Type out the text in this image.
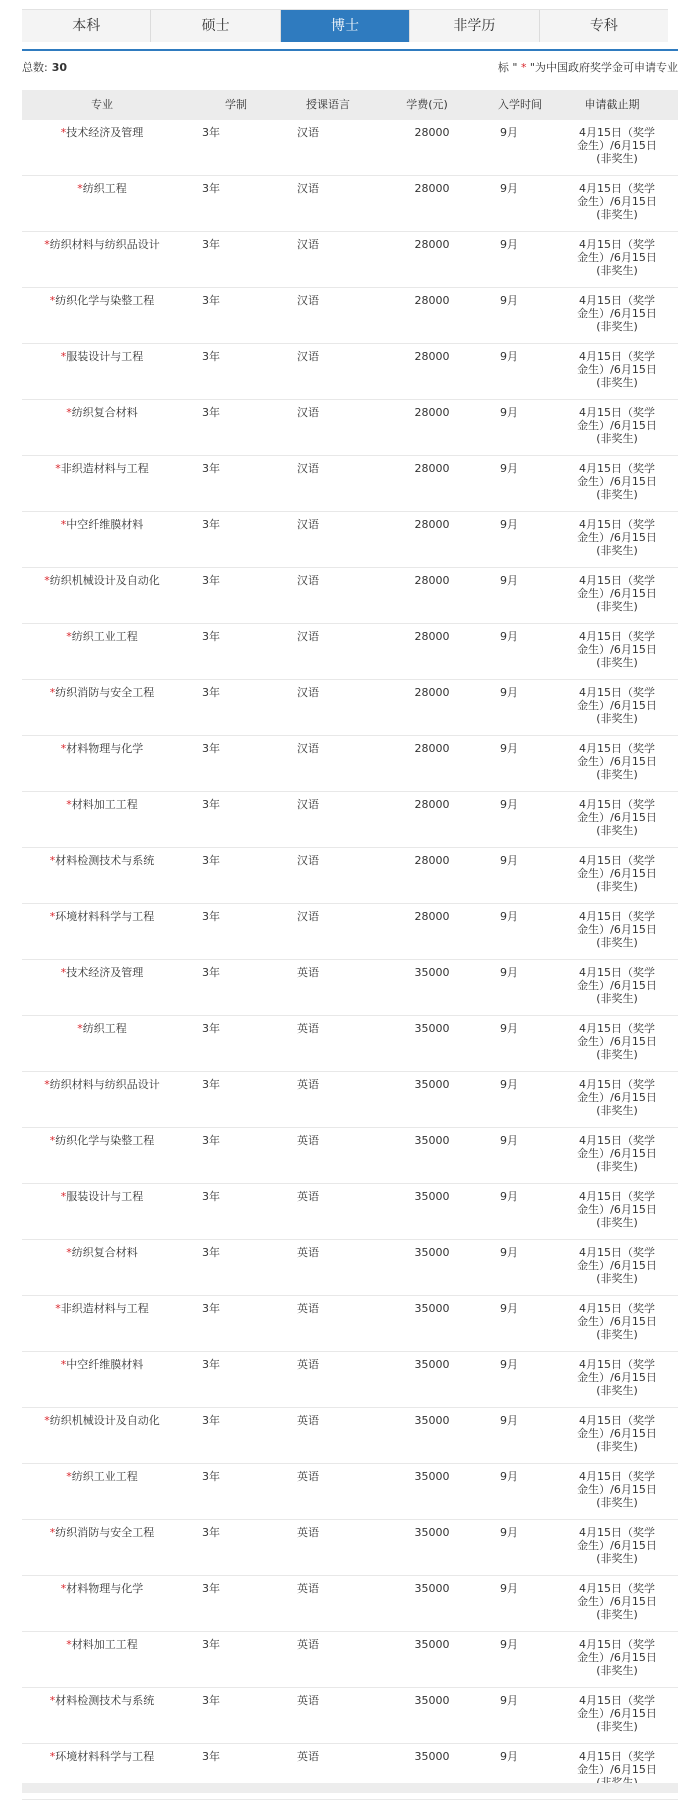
本科	硕士	博士	非学历	专科
总数: 30	标 " * "为中国政府奖学金可申请专业
专业	学制	授课语言	学费(元)	入学时间	申请截止期
*技术经济及管理	3年	汉语	28000	9月	4月15日（奖学金生）/6月15日(非奖生)
*纺织工程	3年	汉语	28000	9月	4月15日（奖学金生）/6月15日(非奖生)
*纺织材料与纺织品设计	3年	汉语	28000	9月	4月15日（奖学金生）/6月15日(非奖生)
*纺织化学与染整工程	3年	汉语	28000	9月	4月15日（奖学金生）/6月15日(非奖生)
*服装设计与工程	3年	汉语	28000	9月	4月15日（奖学金生）/6月15日(非奖生)
*纺织复合材料	3年	汉语	28000	9月	4月15日（奖学金生）/6月15日(非奖生)
*非织造材料与工程	3年	汉语	28000	9月	4月15日（奖学金生）/6月15日(非奖生)
*中空纤维膜材料	3年	汉语	28000	9月	4月15日（奖学金生）/6月15日(非奖生)
*纺织机械设计及自动化	3年	汉语	28000	9月	4月15日（奖学金生）/6月15日(非奖生)
*纺织工业工程	3年	汉语	28000	9月	4月15日（奖学金生）/6月15日(非奖生)
*纺织消防与安全工程	3年	汉语	28000	9月	4月15日（奖学金生）/6月15日(非奖生)
*材料物理与化学	3年	汉语	28000	9月	4月15日（奖学金生）/6月15日(非奖生)
*材料加工工程	3年	汉语	28000	9月	4月15日（奖学金生）/6月15日(非奖生)
*材料检测技术与系统	3年	汉语	28000	9月	4月15日（奖学金生）/6月15日(非奖生)
*环境材料科学与工程	3年	汉语	28000	9月	4月15日（奖学金生）/6月15日(非奖生)
*技术经济及管理	3年	英语	35000	9月	4月15日（奖学金生）/6月15日(非奖生)
*纺织工程	3年	英语	35000	9月	4月15日（奖学金生）/6月15日(非奖生)
*纺织材料与纺织品设计	3年	英语	35000	9月	4月15日（奖学金生）/6月15日(非奖生)
*纺织化学与染整工程	3年	英语	35000	9月	4月15日（奖学金生）/6月15日(非奖生)
*服装设计与工程	3年	英语	35000	9月	4月15日（奖学金生）/6月15日(非奖生)
*纺织复合材料	3年	英语	35000	9月	4月15日（奖学金生）/6月15日(非奖生)
*非织造材料与工程	3年	英语	35000	9月	4月15日（奖学金生）/6月15日(非奖生)
*中空纤维膜材料	3年	英语	35000	9月	4月15日（奖学金生）/6月15日(非奖生)
*纺织机械设计及自动化	3年	英语	35000	9月	4月15日（奖学金生）/6月15日(非奖生)
*纺织工业工程	3年	英语	35000	9月	4月15日（奖学金生）/6月15日(非奖生)
*纺织消防与安全工程	3年	英语	35000	9月	4月15日（奖学金生）/6月15日(非奖生)
*材料物理与化学	3年	英语	35000	9月	4月15日（奖学金生）/6月15日(非奖生)
*材料加工工程	3年	英语	35000	9月	4月15日（奖学金生）/6月15日(非奖生)
*材料检测技术与系统	3年	英语	35000	9月	4月15日（奖学金生）/6月15日(非奖生)
*环境材料科学与工程	3年	英语	35000	9月	4月15日（奖学金生）/6月15日
